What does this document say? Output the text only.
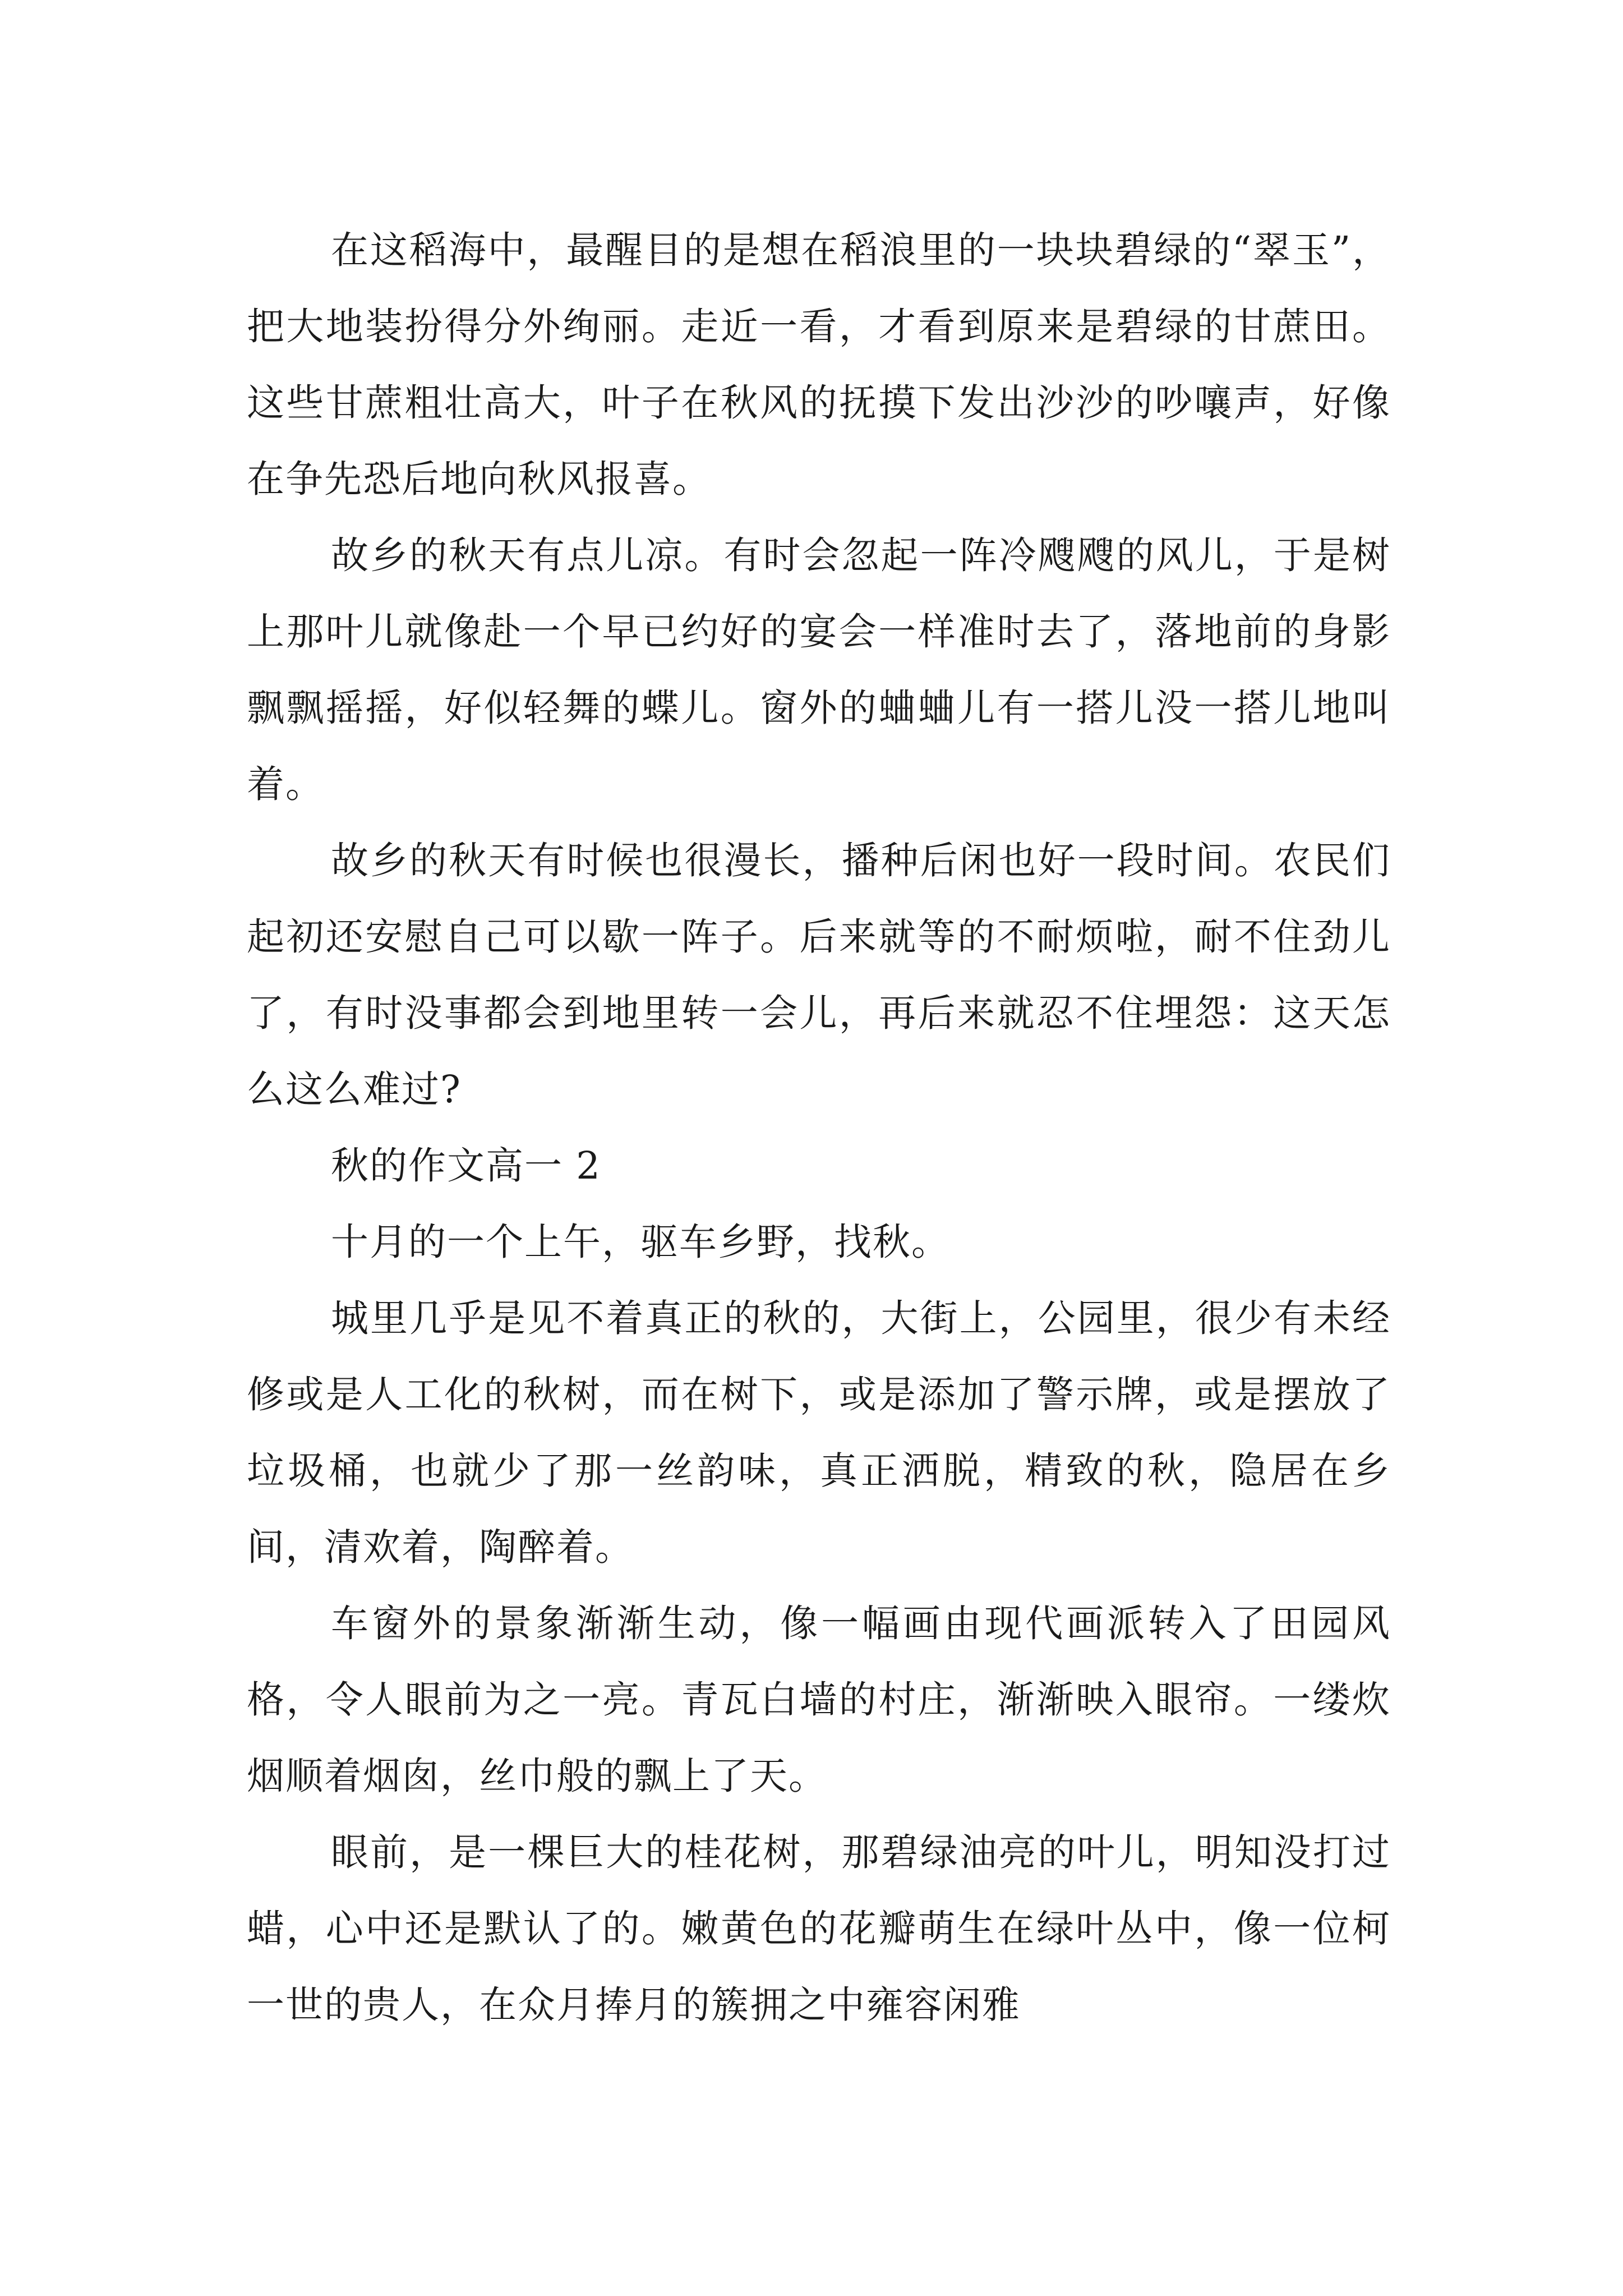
在这稻海中，最醒目的是想在稻浪里的一块块碧绿的“翠玉”，把大地装扮得分外绚丽。走近一看，才看到原来是碧绿的甘蔗田。这些甘蔗粗壮高大，叶子在秋风的抚摸下发出沙沙的吵嚷声，好像在争先恐后地向秋风报喜。

故乡的秋天有点儿凉。有时会忽起一阵冷飕飕的风儿，于是树上那叶儿就像赴一个早已约好的宴会一样准时去了，落地前的身影飘飘摇摇，好似轻舞的蝶儿。窗外的蛐蛐儿有一搭儿没一搭儿地叫着。

故乡的秋天有时候也很漫长，播种后闲也好一段时间。农民们起初还安慰自己可以歇一阵子。后来就等的不耐烦啦，耐不住劲儿了，有时没事都会到地里转一会儿，再后来就忍不住埋怨：这天怎么这么难过?

秋的作文高一 2

十月的一个上午，驱车乡野，找秋。

城里几乎是见不着真正的秋的，大街上，公园里，很少有未经修或是人工化的秋树，而在树下，或是添加了警示牌，或是摆放了垃圾桶，也就少了那一丝韵味，真正洒脱，精致的秋，隐居在乡间，清欢着，陶醉着。

车窗外的景象渐渐生动，像一幅画由现代画派转入了田园风格，令人眼前为之一亮。青瓦白墙的村庄，渐渐映入眼帘。一缕炊烟顺着烟囱，丝巾般的飘上了天。

眼前，是一棵巨大的桂花树，那碧绿油亮的叶儿，明知没打过蜡，心中还是默认了的。嫩黄色的花瓣萌生在绿叶丛中，像一位柯一世的贵人，在众月捧月的簇拥之中雍容闲雅
